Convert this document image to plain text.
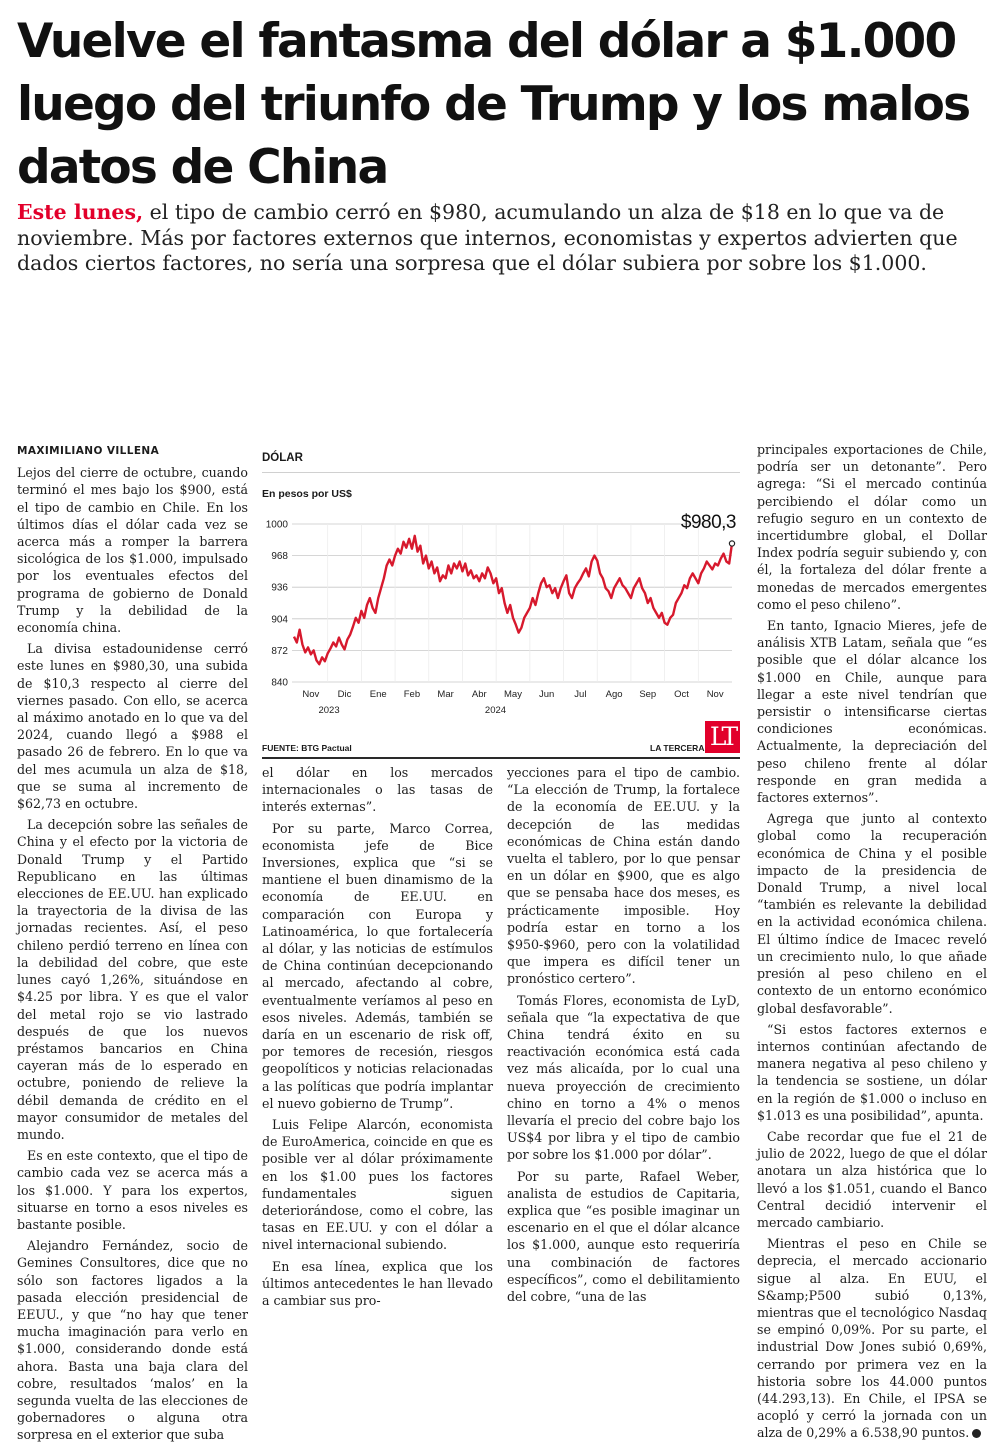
Vuelve el fantasma del dólar a $1.000 luego del triunfo de Trump y los malos datos de China

Este lunes, el tipo de cambio cerró en $980, acumulando un alza de $18 en lo que va de noviembre. Más por factores externos que internos, economistas y expertos advierten que dados ciertos factores, no sería una sorpresa que el dólar subiera por sobre los $1.000.

MAXIMILIANO VILLENA

Lejos del cierre de octubre, cuando terminó el mes bajo los $900, está el tipo de cambio en Chile. En los últimos días el dólar cada vez se acerca más a romper la barrera sicológica de los $1.000, impulsado por los eventuales efectos del programa de gobierno de Donald Trump y la debilidad de la economía china.

La divisa estadounidense cerró este lunes en $980,30, una subida de $10,3 respecto al cierre del viernes pasado. Con ello, se acerca al máximo anotado en lo que va del 2024, cuando llegó a $988 el pasado 26 de febrero. En lo que va del mes acumula un alza de $18, que se suma al incremento de $62,73 en octubre.

La decepción sobre las señales de China y el efecto por la victoria de Donald Trump y el Partido Republicano en las últimas elecciones de EE.UU. han explicado la trayectoria de la divisa de las jornadas recientes. Así, el peso chileno perdió terreno en línea con la debilidad del cobre, que este lunes cayó 1,26%, situándose en $4.25 por libra. Y es que el valor del metal rojo se vio lastrado después de que los nuevos préstamos bancarios en China cayeran más de lo esperado en octubre, poniendo de relieve la débil demanda de crédito en el mayor consumidor de metales del mundo.

Es en este contexto, que el tipo de cambio cada vez se acerca más a los $1.000. Y para los expertos, situarse en torno a esos niveles es bastante posible.

Alejandro Fernández, socio de Gemines Consultores, dice que no sólo son factores ligados a la pasada elección presidencial de EEUU., y que “no hay que tener mucha imaginación para verlo en $1.000, considerando donde está ahora. Basta una baja clara del cobre, resultados ‘malos’ en la segunda vuelta de las elecciones de gobernadores o alguna otra sorpresa en el exterior que suba

DÓLAR
En pesos por US$
840
872
904
936
968
1000
Nov Dic Ene Feb Mar Abr May Jun Jul Ago Sep Oct Nov
2023	2024
$980,3
FUENTE: BTG Pactual	LA TERCERA LT

el dólar en los mercados internacionales o las tasas de interés externas”.

Por su parte, Marco Correa, economista jefe de Bice Inversiones, explica que “si se mantiene el buen dinamismo de la economía de EE.UU. en comparación con Europa y Latinoamérica, lo que fortalecería al dólar, y las noticias de estímulos de China continúan decepcionando al mercado, afectando al cobre, eventualmente veríamos al peso en esos niveles. Además, también se daría en un escenario de risk off, por temores de recesión, riesgos geopolíticos y noticias relacionadas a las políticas que podría implantar el nuevo gobierno de Trump”.

Luis Felipe Alarcón, economista de EuroAmerica, coincide en que es posible ver al dólar próximamente en los $1.00 pues los factores fundamentales siguen deteriorándose, como el cobre, las tasas en EE.UU. y con el dólar a nivel internacional subiendo.

En esa línea, explica que los últimos antecedentes le han llevado a cambiar sus pro-

yecciones para el tipo de cambio. “La elección de Trump, la fortalece de la economía de EE.UU. y la decepción de las medidas económicas de China están dando vuelta el tablero, por lo que pensar en un dólar en $900, que es algo que se pensaba hace dos meses, es prácticamente imposible. Hoy podría estar en torno a los $950-$960, pero con la volatilidad que impera es difícil tener un pronóstico certero”.

Tomás Flores, economista de LyD, señala que “la expectativa de que China tendrá éxito en su reactivación económica está cada vez más alicaída, por lo cual una nueva proyección de crecimiento chino en torno a 4% o menos llevaría el precio del cobre bajo los US$4 por libra y el tipo de cambio por sobre los $1.000 por dólar”.

Por su parte, Rafael Weber, analista de estudios de Capitaria, explica que “es posible imaginar un escenario en el que el dólar alcance los $1.000, aunque esto requeriría una combinación de factores específicos”, como el debilitamiento del cobre, “una de las

principales exportaciones de Chile, podría ser un detonante”. Pero agrega: “Si el mercado continúa percibiendo el dólar como un refugio seguro en un contexto de incertidumbre global, el Dollar Index podría seguir subiendo y, con él, la fortaleza del dólar frente a monedas de mercados emergentes como el peso chileno”.

En tanto, Ignacio Mieres, jefe de análisis XTB Latam, señala que “es posible que el dólar alcance los $1.000 en Chile, aunque para llegar a este nivel tendrían que persistir o intensificarse ciertas condiciones económicas. Actualmente, la depreciación del peso chileno frente al dólar responde en gran medida a factores externos”.

Agrega que junto al contexto global como la recuperación económica de China y el posible impacto de la presidencia de Donald Trump, a nivel local “también es relevante la debilidad en la actividad económica chilena. El último índice de Imacec reveló un crecimiento nulo, lo que añade presión al peso chileno en el contexto de un entorno económico global desfavorable”.

“Si estos factores externos e internos continúan afectando de manera negativa al peso chileno y la tendencia se sostiene, un dólar en la región de $1.000 o incluso en $1.013 es una posibilidad”, apunta.

Cabe recordar que fue el 21 de julio de 2022, luego de que el dólar anotara un alza histórica que lo llevó a los $1.051, cuando el Banco Central decidió intervenir el mercado cambiario.

Mientras el peso en Chile se deprecia, el mercado accionario sigue al alza. En EUU, el S&amp;P500 subió 0,13%, mientras que el tecnológico Nasdaq se empinó 0,09%. Por su parte, el industrial Dow Jones subió 0,69%, cerrando por primera vez en la historia sobre los 44.000 puntos (44.293,13). En Chile, el IPSA se acopló y cerró la jornada con un alza de 0,29% a 6.538,90 puntos.
